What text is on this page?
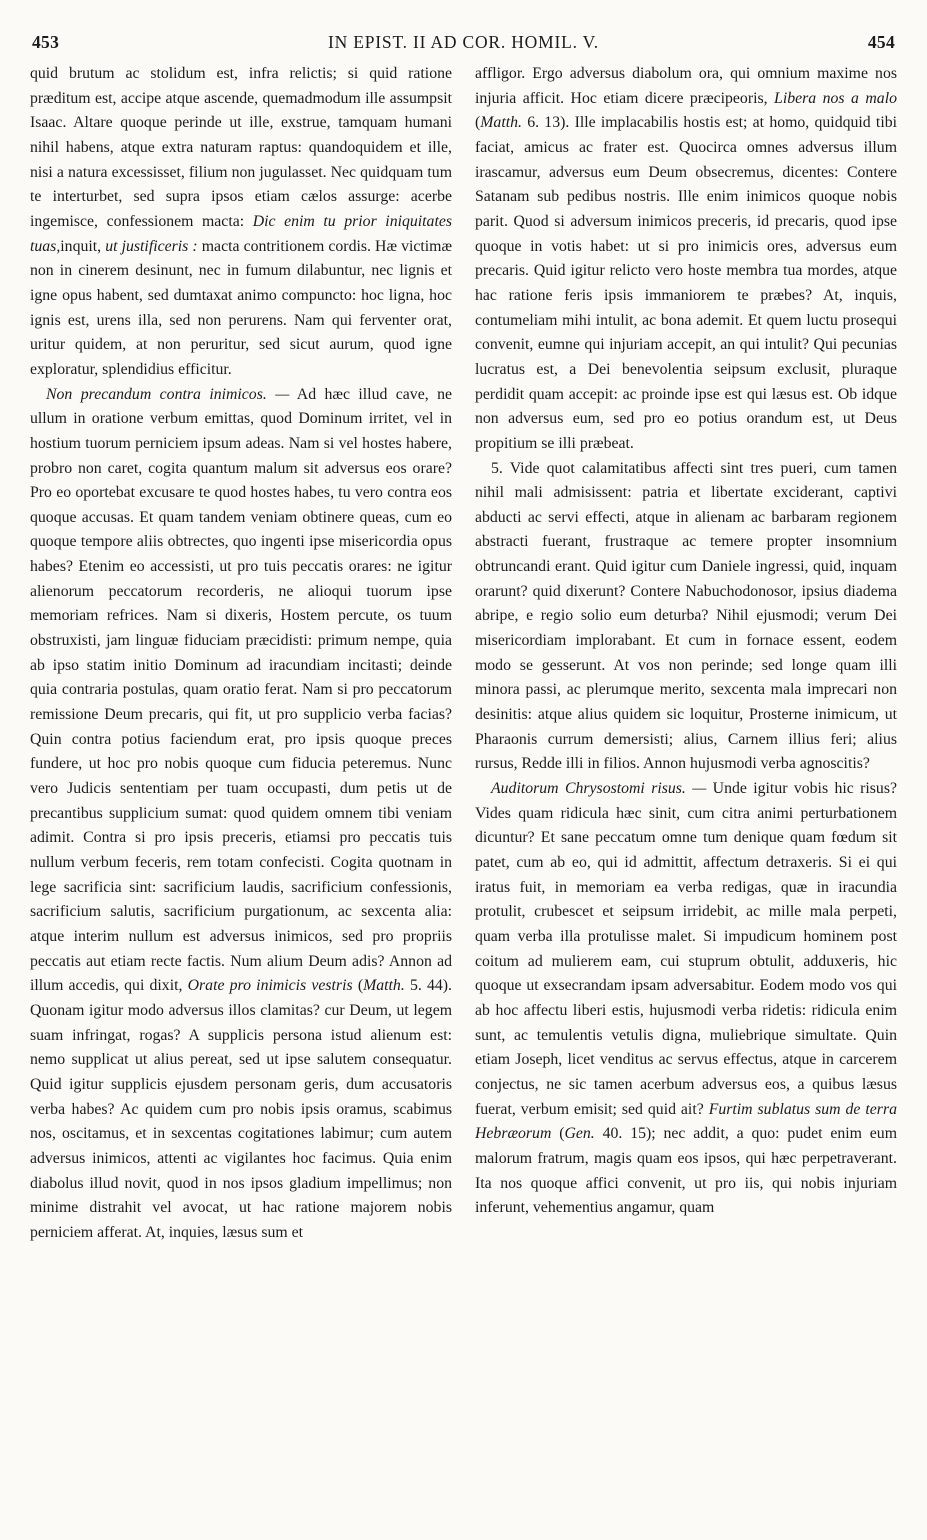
453	IN EPIST. II AD COR. HOMIL. V.	454

quid brutum ac stolidum est, infra relictis; si quid ratione præditum est, accipe atque ascende, quemadmodum ille assumpsit Isaac. Altare quoque perinde ut ille, exstrue, tamquam humani nihil habens, atque extra naturam raptus: quandoquidem et ille, nisi a natura excessisset, filium non jugulasset. Nec quidquam tum te interturbet, sed supra ipsos etiam cælos assurge: acerbe ingemisce, confessionem macta: Dic enim tu prior iniquitates tuas,inquit, ut justificeris : macta contritionem cordis. Hæ victimæ non in cinerem desinunt, nec in fumum dilabuntur, nec lignis et igne opus habent, sed dumtaxat animo compuncto: hoc ligna, hoc ignis est, urens illa, sed non perurens. Nam qui ferventer orat, uritur quidem, at non peruritur, sed sicut aurum, quod igne exploratur, splendidius efficitur.

Non precandum contra inimicos. — Ad hæc illud cave, ne ullum in oratione verbum emittas, quod Dominum irritet, vel in hostium tuorum perniciem ipsum adeas. Nam si vel hostes habere, probro non caret, cogita quantum malum sit adversus eos orare? Pro eo oportebat excusare te quod hostes habes, tu vero contra eos quoque accusas. Et quam tandem veniam obtinere queas, cum eo quoque tempore aliis obtrectes, quo ingenti ipse misericordia opus habes? Etenim eo accessisti, ut pro tuis peccatis orares: ne igitur alienorum peccatorum recorderis, ne alioqui tuorum ipse memoriam refrices. Nam si dixeris, Hostem percute, os tuum obstruxisti, jam linguæ fiduciam præcidisti: primum nempe, quia ab ipso statim initio Dominum ad iracundiam incitasti; deinde quia contraria postulas, quam oratio ferat. Nam si pro peccatorum remissione Deum precaris, qui fit, ut pro supplicio verba facias? Quin contra potius faciendum erat, pro ipsis quoque preces fundere, ut hoc pro nobis quoque cum fiducia peteremus. Nunc vero Judicis sententiam per tuam occupasti, dum petis ut de precantibus supplicium sumat: quod quidem omnem tibi veniam adimit. Contra si pro ipsis preceris, etiamsi pro peccatis tuis nullum verbum feceris, rem totam confecisti. Cogita quotnam in lege sacrificia sint: sacrificium laudis, sacrificium confessionis, sacrificium salutis, sacrificium purgationum, ac sexcenta alia: atque interim nullum est adversus inimicos, sed pro propriis peccatis aut etiam recte factis. Num alium Deum adis? Annon ad illum accedis, qui dixit, Orate pro inimicis vestris (Matth. 5. 44). Quonam igitur modo adversus illos clamitas? cur Deum, ut legem suam infringat, rogas? A supplicis persona istud alienum est: nemo supplicat ut alius pereat, sed ut ipse salutem consequatur. Quid igitur supplicis ejusdem personam geris, dum accusatoris verba habes? Ac quidem cum pro nobis ipsis oramus, scabimus nos, oscitamus, et in sexcentas cogitationes labimur; cum autem adversus inimicos, attenti ac vigilantes hoc facimus. Quia enim diabolus illud novit, quod in nos ipsos gladium impellimus; non minime distrahit vel avocat, ut hac ratione majorem nobis perniciem afferat. At, inquies, læsus sum et

affligor. Ergo adversus diabolum ora, qui omnium maxime nos injuria afficit. Hoc etiam dicere præcipeoris, Libera nos a malo (Matth. 6. 13). Ille implacabilis hostis est; at homo, quidquid tibi faciat, amicus ac frater est. Quocirca omnes adversus illum irascamur, adversus eum Deum obsecremus, dicentes: Contere Satanam sub pedibus nostris. Ille enim inimicos quoque nobis parit. Quod si adversum inimicos preceris, id precaris, quod ipse quoque in votis habet: ut si pro inimicis ores, adversus eum precaris. Quid igitur relicto vero hoste membra tua mordes, atque hac ratione feris ipsis immaniorem te præbes? At, inquis, contumeliam mihi intulit, ac bona ademit. Et quem luctu prosequi convenit, eumne qui injuriam accepit, an qui intulit? Qui pecunias lucratus est, a Dei benevolentia seipsum exclusit, pluraque perdidit quam accepit: ac proinde ipse est qui læsus est. Ob idque non adversus eum, sed pro eo potius orandum est, ut Deus propitium se illi præbeat.

5. Vide quot calamitatibus affecti sint tres pueri, cum tamen nihil mali admisissent: patria et libertate exciderant, captivi abducti ac servi effecti, atque in alienam ac barbaram regionem abstracti fuerant, frustraque ac temere propter insomnium obtruncandi erant. Quid igitur cum Daniele ingressi, quid, inquam orarunt? quid dixerunt? Contere Nabuchodonosor, ipsius diadema abripe, e regio solio eum deturba? Nihil ejusmodi; verum Dei misericordiam implorabant. Et cum in fornace essent, eodem modo se gesserunt. At vos non perinde; sed longe quam illi minora passi, ac plerumque merito, sexcenta mala imprecari non desinitis: atque alius quidem sic loquitur, Prosterne inimicum, ut Pharaonis currum demersisti; alius, Carnem illius feri; alius rursus, Redde illi in filios. Annon hujusmodi verba agnoscitis?

Auditorum Chrysostomi risus. — Unde igitur vobis hic risus? Vides quam ridicula hæc sinit, cum citra animi perturbationem dicuntur? Et sane peccatum omne tum denique quam fœdum sit patet, cum ab eo, qui id admittit, affectum detraxeris. Si ei qui iratus fuit, in memoriam ea verba redigas, quæ in iracundia protulit, crubescet et seipsum irridebit, ac mille mala perpeti, quam verba illa protulisse malet. Si impudicum hominem post coitum ad mulierem eam, cui stuprum obtulit, adduxeris, hic quoque ut exsecrandam ipsam adversabitur. Eodem modo vos qui ab hoc affectu liberi estis, hujusmodi verba ridetis: ridicula enim sunt, ac temulentis vetulis digna, muliebrique simultate. Quin etiam Joseph, licet venditus ac servus effectus, atque in carcerem conjectus, ne sic tamen acerbum adversus eos, a quibus læsus fuerat, verbum emisit; sed quid ait? Furtim sublatus sum de terra Hebræorum (Gen. 40. 15); nec addit, a quo: pudet enim eum malorum fratrum, magis quam eos ipsos, qui hæc perpetraverant. Ita nos quoque affici convenit, ut pro iis, qui nobis injuriam inferunt, vehementius angamur, quam
